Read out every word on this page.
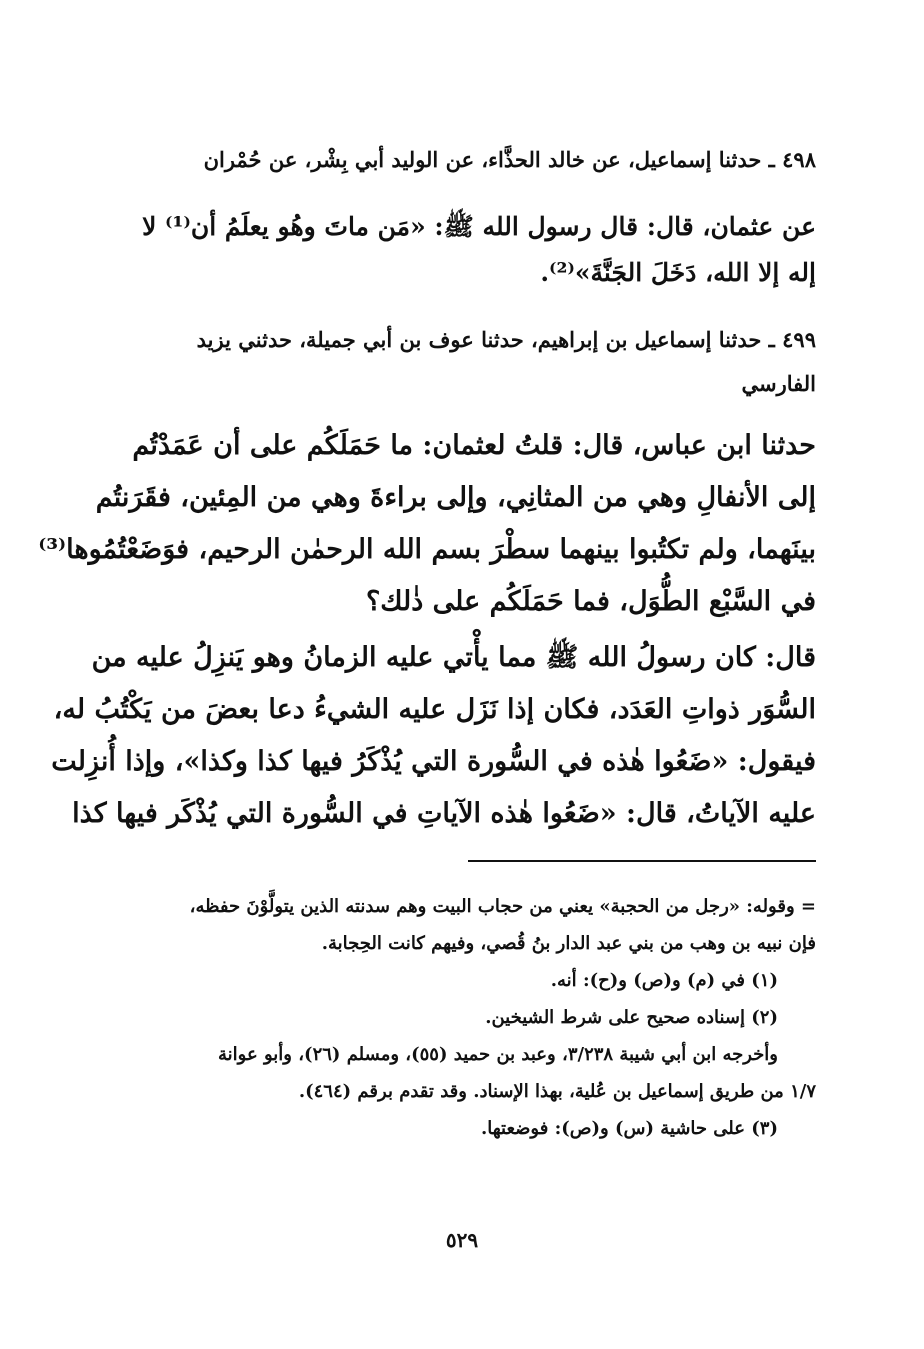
٤٩٨ ـ حدثنا إسماعيل، عن خالد الحذَّاء، عن الوليد أبي بِشْر، عن حُمْران
عن عثمان، قال: قال رسول الله ﷺ: «مَن ماتَ وهُو يعلَمُ أن⁽¹⁾ لا
إله إلا الله، دَخَلَ الجَنَّةَ»⁽²⁾.
٤٩٩ ـ حدثنا إسماعيل بن إبراهيم، حدثنا عوف بن أبي جميلة، حدثني يزيد
الفارسي
حدثنا ابن عباس، قال: قلتُ لعثمان: ما حَمَلَكُم على أن عَمَدْتُم
إلى الأنفالِ وهي من المثانِي، وإلى براءةَ وهي من المِئين، فقَرَنتُم
بينَهما، ولم تكتُبوا بينهما سطْرَ بسم الله الرحمٰن الرحيم، فوَضَعْتُمُوها⁽³⁾
في السَّبْع الطُّوَل، فما حَمَلَكُم على ذٰلك؟
قال: كان رسولُ الله ﷺ مما يأْتي عليه الزمانُ وهو يَنزِلُ عليه من
السُّوَر ذواتِ العَدَد، فكان إذا نَزَل عليه الشيءُ دعا بعضَ من يَكْتُبُ له،
فيقول: «ضَعُوا هٰذه في السُّورة التي يُذْكَرُ فيها كذا وكذا»، وإذا أُنزِلت
عليه الآياتُ، قال: «ضَعُوا هٰذه الآياتِ في السُّورة التي يُذْكَر فيها كذا
= وقوله: «رجل من الحجبة» يعني من حجاب البيت وهم سدنته الذين يتولَّوْنَ حفظه،
فإن نبيه بن وهب من بني عبد الدار بنُ قُصي، وفيهم كانت الحِجابة.
(١) في (م) و(ص) و(ح): أنه.
(٢) إسناده صحيح على شرط الشيخين.
وأخرجه ابن أبي شيبة ٣/٢٣٨، وعبد بن حميد (٥٥)، ومسلم (٢٦)، وأبو عوانة
١/٧ من طريق إسماعيل بن عُلية، بهذا الإسناد. وقد تقدم برقم (٤٦٤).
(٣) على حاشية (س) و(ص): فوضعتها.
٥٢٩
